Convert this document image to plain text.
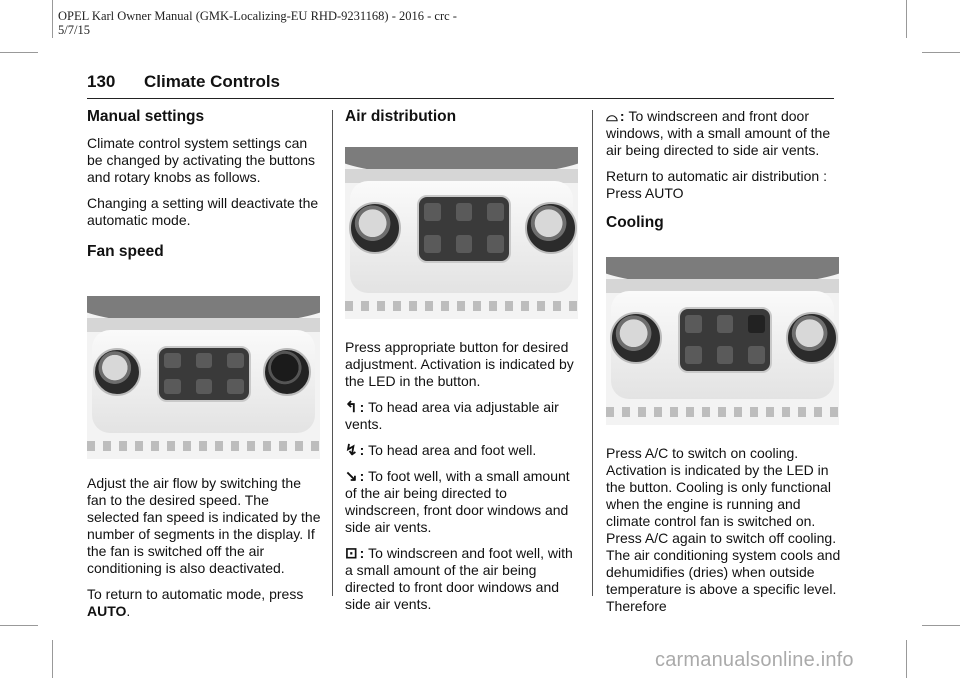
OPEL Karl Owner Manual (GMK-Localizing-EU RHD-9231168) - 2016 - crc -
5/7/15
130 Climate Controls
Manual settings

Climate control system settings can be changed by activating the buttons and rotary knobs as follows.

Changing a setting will deactivate the automatic mode.

Fan speed

Adjust the air flow by switching the fan to the desired speed. The selected fan speed is indicated by the number of segments in the display. If the fan is switched off the air conditioning is also deactivated.

To return to automatic mode, press AUTO.

Air distribution

Press appropriate button for desired adjustment. Activation is indicated by the LED in the button.

↰ : To head area via adjustable air vents.

↯ : To head area and foot well.

↘ : To foot well, with a small amount of the air being directed to windscreen, front door windows and side air vents.

⊡ : To windscreen and foot well, with a small amount of the air being directed to front door windows and side air vents.

⌓ : To windscreen and front door windows, with a small amount of the air being directed to side air vents.

Return to automatic air distribution : Press AUTO

Cooling

Press A/C to switch on cooling. Activation is indicated by the LED in the button. Cooling is only functional when the engine is running and climate control fan is switched on. Press A/C again to switch off cooling. The air conditioning system cools and dehumidifies (dries) when outside temperature is above a specific level. Therefore

carmanualsonline.info
